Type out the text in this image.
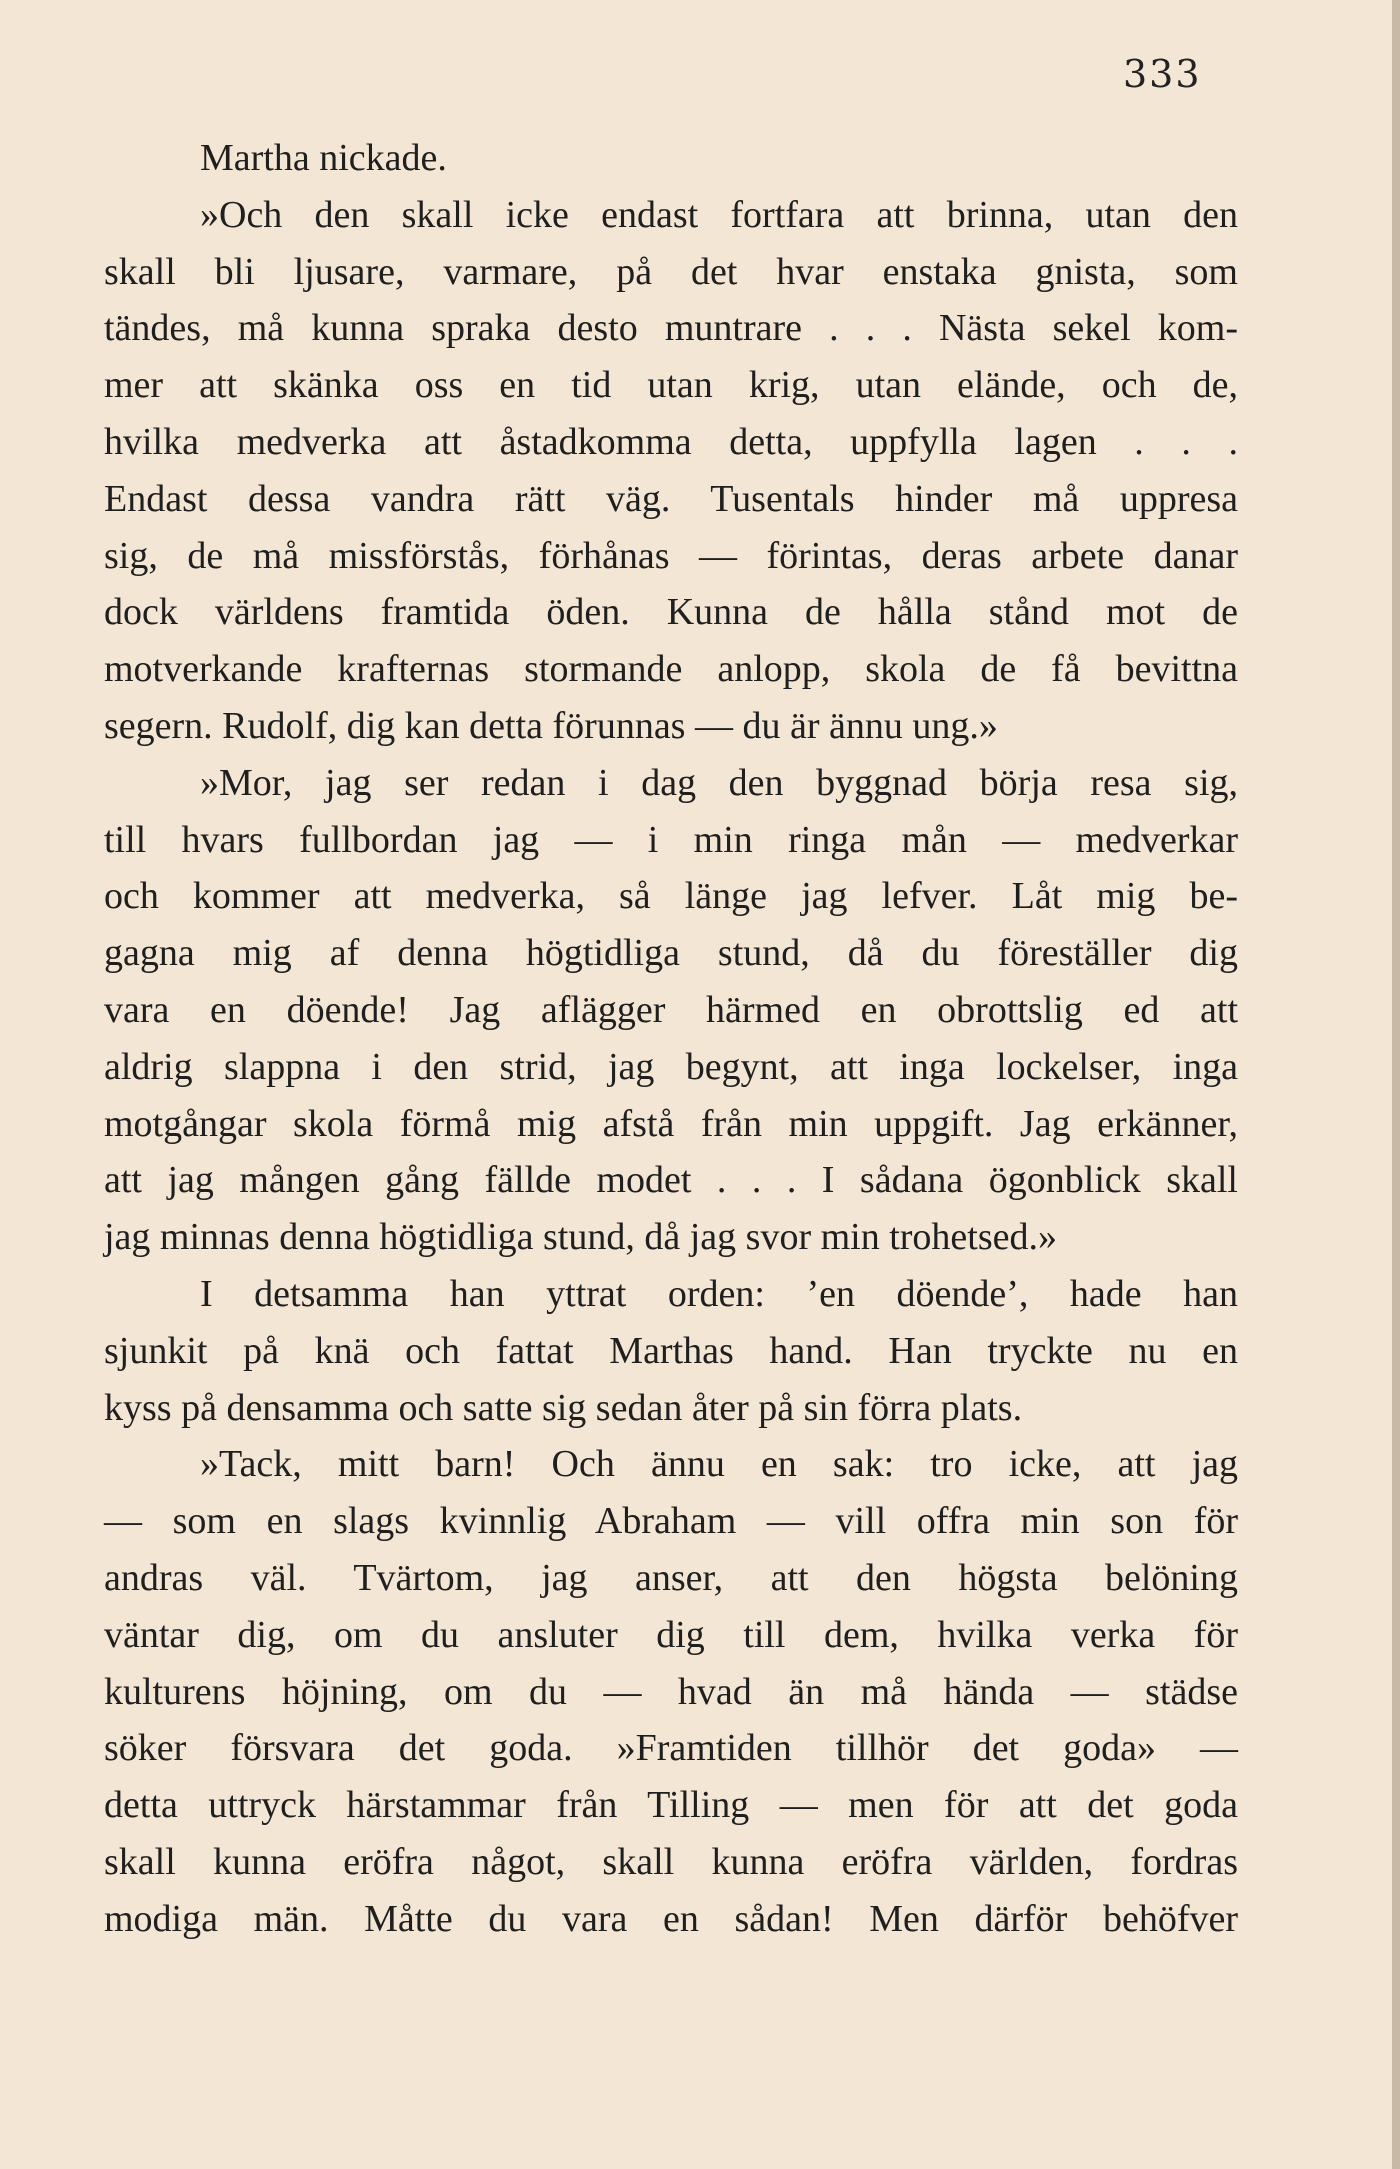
333
Martha nickade.
»Och den skall icke endast fortfara att brinna, utan den
skall bli ljusare, varmare, på det hvar enstaka gnista, som
tändes, må kunna spraka desto muntrare . . . Nästa sekel kom-
mer att skänka oss en tid utan krig, utan elände, och de,
hvilka medverka att åstadkomma detta, uppfylla lagen . . .
Endast dessa vandra rätt väg. Tusentals hinder må uppresa
sig, de må missförstås, förhånas — förintas, deras arbete danar
dock världens framtida öden. Kunna de hålla stånd mot de
motverkande krafternas stormande anlopp, skola de få bevittna
segern. Rudolf, dig kan detta förunnas — du är ännu ung.»
»Mor, jag ser redan i dag den byggnad börja resa sig,
till hvars fullbordan jag — i min ringa mån — medverkar
och kommer att medverka, så länge jag lefver. Låt mig be-
gagna mig af denna högtidliga stund, då du föreställer dig
vara en döende! Jag aflägger härmed en obrottslig ed att
aldrig slappna i den strid, jag begynt, att inga lockelser, inga
motgångar skola förmå mig afstå från min uppgift. Jag erkänner,
att jag mången gång fällde modet . . . I sådana ögonblick skall
jag minnas denna högtidliga stund, då jag svor min trohetsed.»
I detsamma han yttrat orden: ’en döende’, hade han
sjunkit på knä och fattat Marthas hand. Han tryckte nu en
kyss på densamma och satte sig sedan åter på sin förra plats.
»Tack, mitt barn! Och ännu en sak: tro icke, att jag
— som en slags kvinnlig Abraham — vill offra min son för
andras väl. Tvärtom, jag anser, att den högsta belöning
väntar dig, om du ansluter dig till dem, hvilka verka för
kulturens höjning, om du — hvad än må hända — städse
söker försvara det goda. »Framtiden tillhör det goda» —
detta uttryck härstammar från Tilling — men för att det goda
skall kunna eröfra något, skall kunna eröfra världen, fordras
modiga män. Måtte du vara en sådan! Men därför behöfver
